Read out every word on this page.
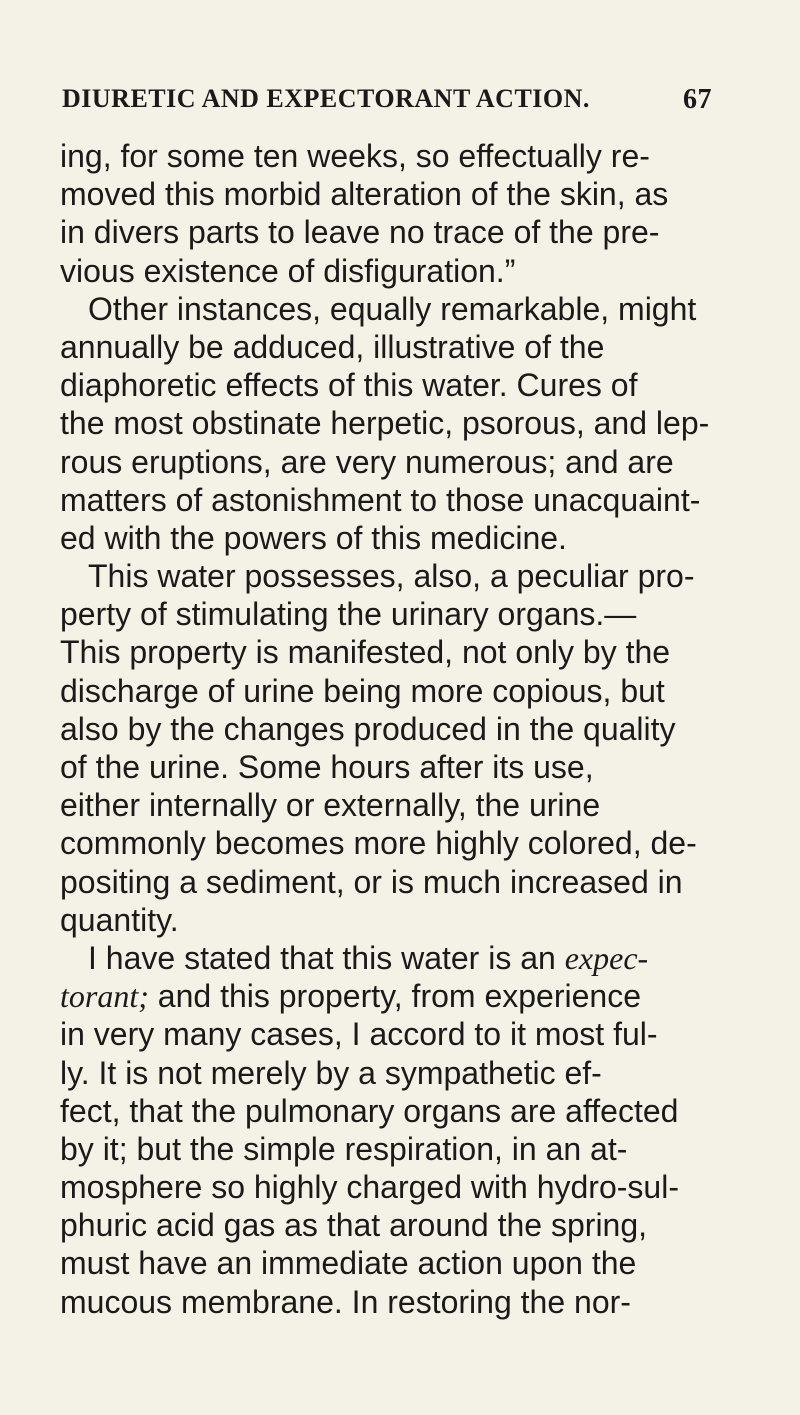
DIURETIC AND EXPECTORANT ACTION.	67
ing, for some ten weeks, so effectually re-
moved this morbid alteration of the skin, as
in divers parts to leave no trace of the pre-
vious existence of disfiguration.”
Other instances, equally remarkable, might
annually be adduced, illustrative of the
diaphoretic effects of this water. Cures of
the most obstinate herpetic, psorous, and lep-
rous eruptions, are very numerous; and are
matters of astonishment to those unacquaint-
ed with the powers of this medicine.
This water possesses, also, a peculiar pro-
perty of stimulating the urinary organs.—
This property is manifested, not only by the
discharge of urine being more copious, but
also by the changes produced in the quality
of the urine. Some hours after its use,
either internally or externally, the urine
commonly becomes more highly colored, de-
positing a sediment, or is much increased in
quantity.
I have stated that this water is an expec-
torant; and this property, from experience
in very many cases, I accord to it most ful-
ly. It is not merely by a sympathetic ef-
fect, that the pulmonary organs are affected
by it; but the simple respiration, in an at-
mosphere so highly charged with hydro-sul-
phuric acid gas as that around the spring,
must have an immediate action upon the
mucous membrane. In restoring the nor-
